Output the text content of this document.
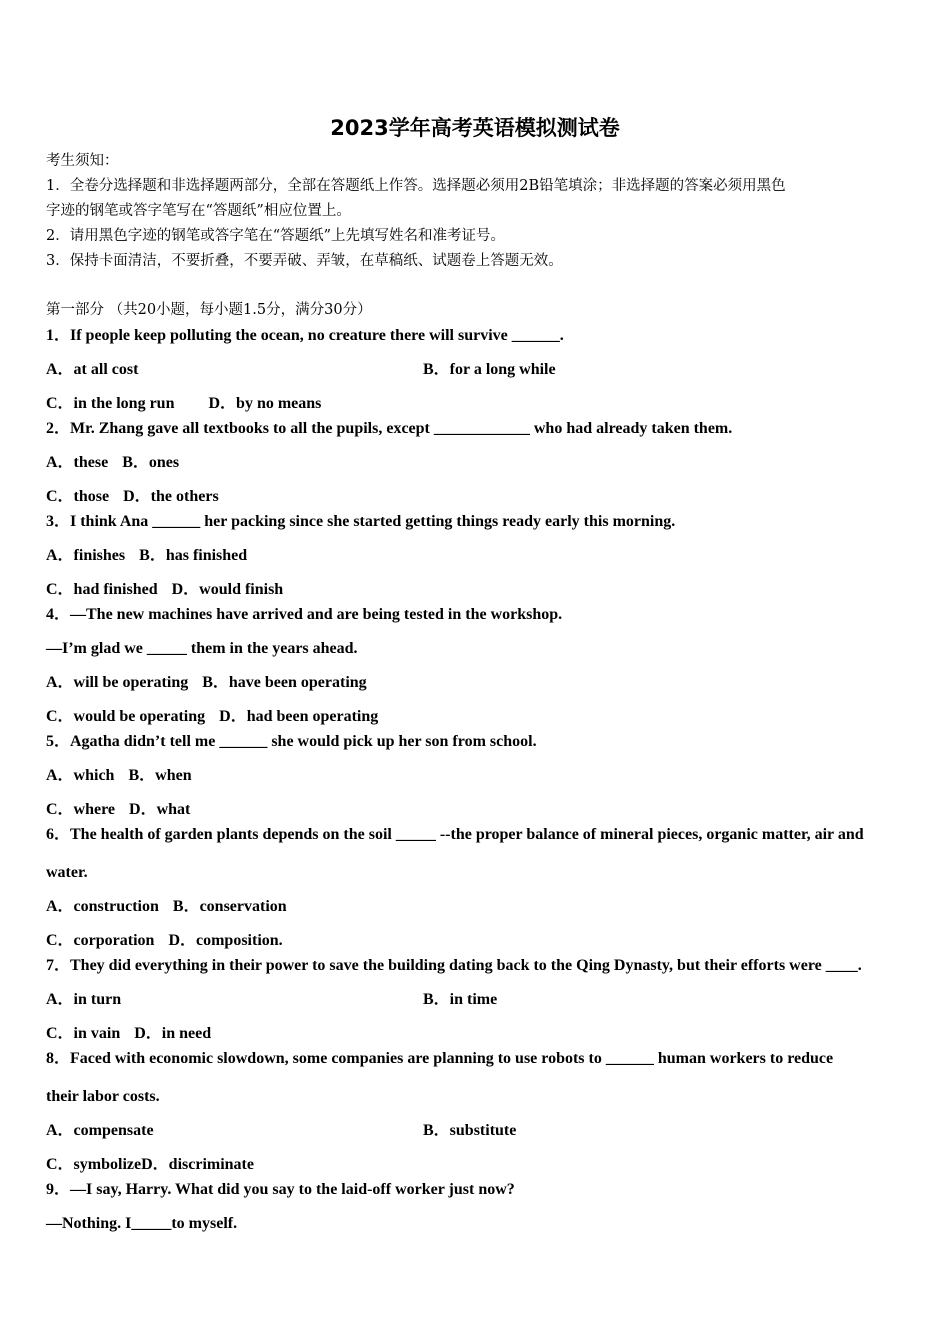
2023学年高考英语模拟测试卷
考生须知：
1．全卷分选择题和非选择题两部分，全部在答题纸上作答。选择题必须用2B铅笔填涂；非选择题的答案必须用黑色
字迹的钢笔或答字笔写在“答题纸”相应位置上。
2．请用黑色字迹的钢笔或答字笔在“答题纸”上先填写姓名和准考证号。
3．保持卡面清洁，不要折叠，不要弄破、弄皱，在草稿纸、试题卷上答题无效。
第一部分 （共20小题，每小题1.5分，满分30分）
1．If people keep polluting the ocean, no creature there will survive ______.
A．at all cost	B．for a long while
C．in the long run D．by no means
2．Mr. Zhang gave all textbooks to all the pupils, except ____________ who had already taken them.
A．these B．ones
C．those D．the others
3．I think Ana ______ her packing since she started getting things ready early this morning.
A．finishes B．has finished
C．had finished D．would finish
4．—The new machines have arrived and are being tested in the workshop.
—I’m glad we _____ them in the years ahead.
A．will be operating B．have been operating
C．would be operating D．had been operating
5．Agatha didn’t tell me ______ she would pick up her son from school.
A．which B．when
C．where D．what
6．The health of garden plants depends on the soil _____ --the proper balance of mineral pieces, organic matter, air and
water.
A．construction B．conservation
C．corporation D．composition.
7．They did everything in their power to save the building dating back to the Qing Dynasty, but their efforts were ____.
A．in turn	B．in time
C．in vain D．in need
8．Faced with economic slowdown, some companies are planning to use robots to ______ human workers to reduce
their labor costs.
A．compensate	B．substitute
C．symbolizeD．discriminate
9．—I say, Harry. What did you say to the laid-off worker just now?
—Nothing. I_____to myself.
